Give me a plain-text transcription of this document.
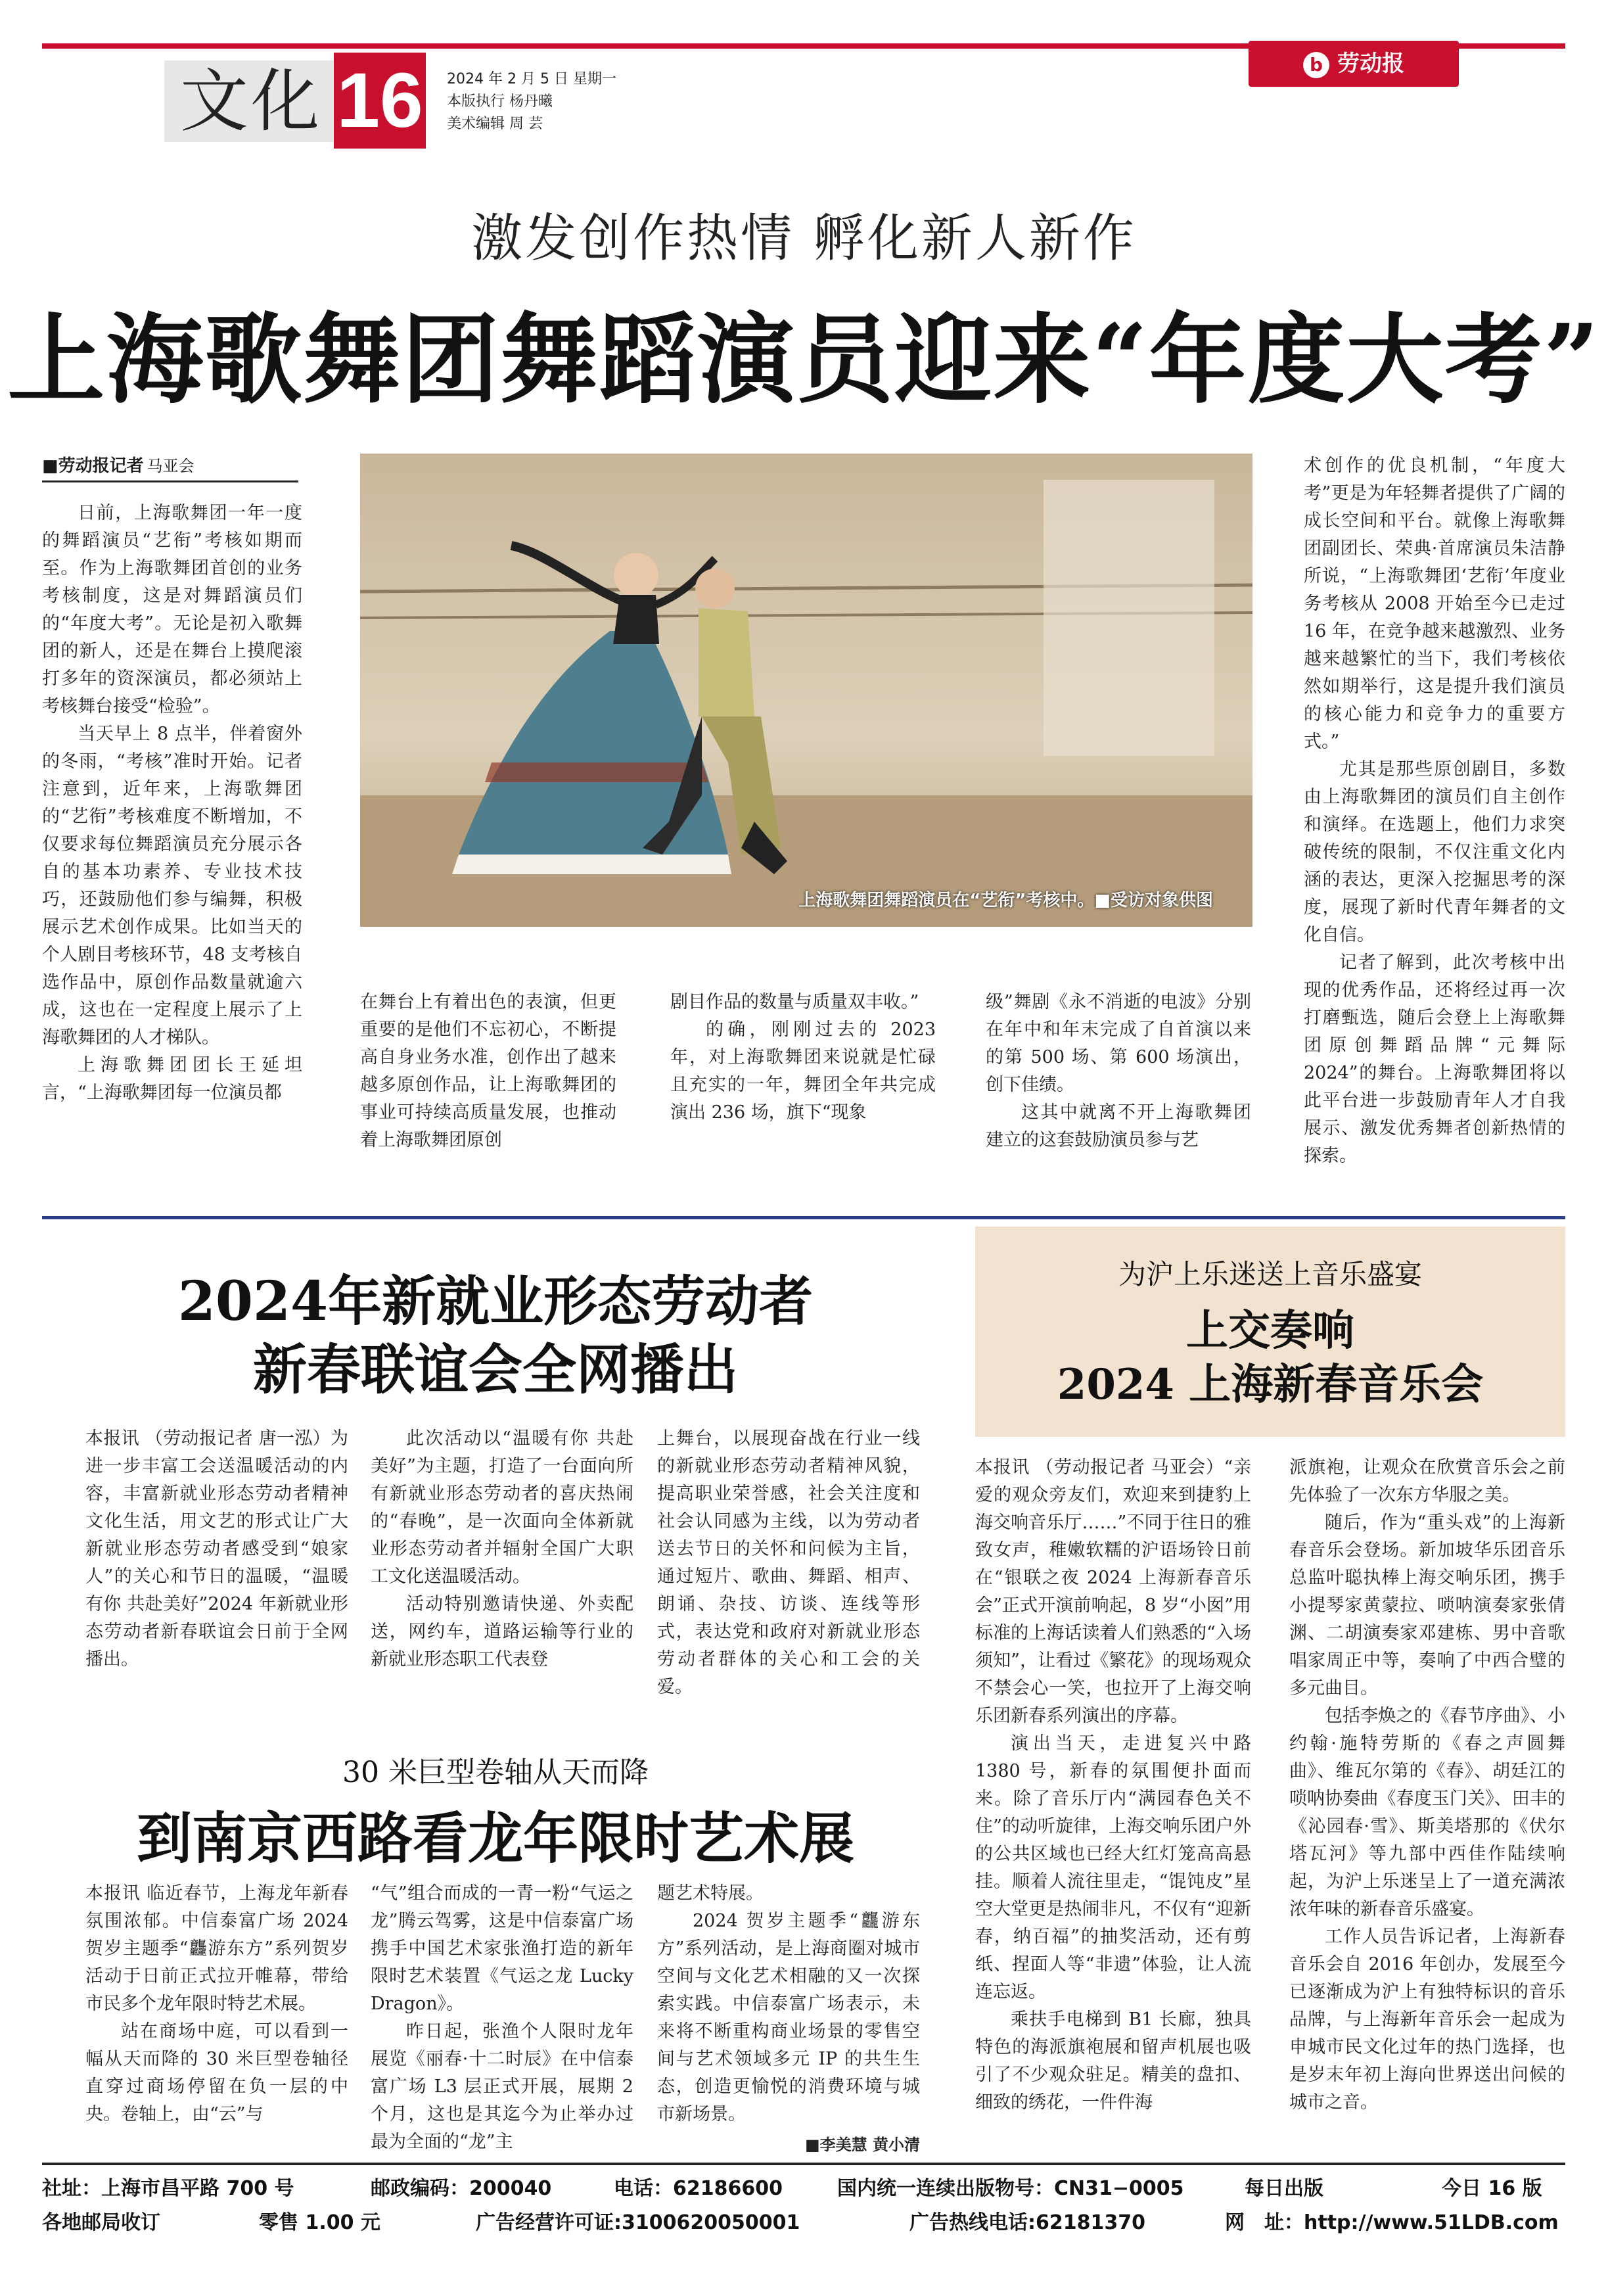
文化 16 2024 年 2 月 5 日 星期一
本版执行 杨丹曦
美术编辑 周 芸
b 劳动报
激发创作热情 孵化新人新作
上海歌舞团舞蹈演员迎来“年度大考”
■劳动报记者 马亚会

日前，上海歌舞团一年一度的舞蹈演员“艺衔”考核如期而至。作为上海歌舞团首创的业务考核制度，这是对舞蹈演员们的“年度大考”。无论是初入歌舞团的新人，还是在舞台上摸爬滚打多年的资深演员，都必须站上考核舞台接受“检验”。

当天早上 8 点半，伴着窗外的冬雨，“考核”准时开始。记者注意到，近年来，上海歌舞团的“艺衔”考核难度不断增加，不仅要求每位舞蹈演员充分展示各自的基本功素养、专业技术技巧，还鼓励他们参与编舞，积极展示艺术创作成果。比如当天的个人剧目考核环节，48 支考核自选作品中，原创作品数量就逾六成，这也在一定程度上展示了上海歌舞团的人才梯队。

上海歌舞团团长王延坦言，“上海歌舞团每一位演员都

上海歌舞团舞蹈演员在“艺衔”考核中。■受访对象供图

在舞台上有着出色的表演，但更重要的是他们不忘初心，不断提高自身业务水准，创作出了越来越多原创作品，让上海歌舞团的事业可持续高质量发展，也推动着上海歌舞团原创

剧目作品的数量与质量双丰收。”

的确，刚刚过去的 2023 年，对上海歌舞团来说就是忙碌且充实的一年，舞团全年共完成演出 236 场，旗下“现象

级”舞剧《永不消逝的电波》分别在年中和年末完成了自首演以来的第 500 场、第 600 场演出，创下佳绩。

这其中就离不开上海歌舞团建立的这套鼓励演员参与艺

术创作的优良机制，“年度大考”更是为年轻舞者提供了广阔的成长空间和平台。就像上海歌舞团副团长、荣典·首席演员朱洁静所说，“上海歌舞团‘艺衔’年度业务考核从 2008 开始至今已走过 16 年，在竞争越来越激烈、业务越来越繁忙的当下，我们考核依然如期举行，这是提升我们演员的核心能力和竞争力的重要方式。”

尤其是那些原创剧目，多数由上海歌舞团的演员们自主创作和演绎。在选题上，他们力求突破传统的限制，不仅注重文化内涵的表达，更深入挖掘思考的深度，展现了新时代青年舞者的文化自信。

记者了解到，此次考核中出现的优秀作品，还将经过再一次打磨甄选，随后会登上上海歌舞团原创舞蹈品牌“元舞际 2024”的舞台。上海歌舞团将以此平台进一步鼓励青年人才自我展示、激发优秀舞者创新热情的探索。

2024年新就业形态劳动者
新春联谊会全网播出

本报讯 （劳动报记者 唐一泓）为进一步丰富工会送温暖活动的内容，丰富新就业形态劳动者精神文化生活，用文艺的形式让广大新就业形态劳动者感受到“娘家人”的关心和节日的温暖，“温暖有你 共赴美好”2024 年新就业形态劳动者新春联谊会日前于全网播出。

此次活动以“温暖有你 共赴美好”为主题，打造了一台面向所有新就业形态劳动者的喜庆热闹的“春晚”，是一次面向全体新就业形态劳动者并辐射全国广大职工文化送温暖活动。

活动特别邀请快递、外卖配送，网约车，道路运输等行业的新就业形态职工代表登

上舞台，以展现奋战在行业一线的新就业形态劳动者精神风貌，提高职业荣誉感，社会关注度和社会认同感为主线，以为劳动者送去节日的关怀和问候为主旨，通过短片、歌曲、舞蹈、相声、朗诵、杂技、访谈、连线等形式，表达党和政府对新就业形态劳动者群体的关心和工会的关爱。

为沪上乐迷送上音乐盛宴
上交奏响
2024 上海新春音乐会

本报讯 （劳动报记者 马亚会）“亲爱的观众旁友们，欢迎来到捷豹上海交响音乐厅……”不同于往日的雅致女声，稚嫩软糯的沪语场铃日前在“银联之夜 2024 上海新春音乐会”正式开演前响起，8 岁“小囡”用标准的上海话读着人们熟悉的“入场须知”，让看过《繁花》的现场观众不禁会心一笑，也拉开了上海交响乐团新春系列演出的序幕。

演出当天，走进复兴中路 1380 号，新春的氛围便扑面而来。除了音乐厅内“满园春色关不住”的动听旋律，上海交响乐团户外的公共区域也已经大红灯笼高高悬挂。顺着人流往里走，“馄饨皮”星空大堂更是热闹非凡，不仅有“迎新春，纳百福”的抽奖活动，还有剪纸、捏面人等“非遗”体验，让人流连忘返。

乘扶手电梯到 B1 长廊，独具特色的海派旗袍展和留声机展也吸引了不少观众驻足。精美的盘扣、细致的绣花，一件件海

派旗袍，让观众在欣赏音乐会之前先体验了一次东方华服之美。

随后，作为“重头戏”的上海新春音乐会登场。新加坡华乐团音乐总监叶聪执棒上海交响乐团，携手小提琴家黄蒙拉、唢呐演奏家张倩渊、二胡演奏家邓建栋、男中音歌唱家周正中等，奏响了中西合璧的多元曲目。

包括李焕之的《春节序曲》、小约翰·施特劳斯的《春之声圆舞曲》、维瓦尔第的《春》、胡廷江的唢呐协奏曲《春度玉门关》、田丰的《沁园春·雪》、斯美塔那的《伏尔塔瓦河》等九部中西佳作陆续响起，为沪上乐迷呈上了一道充满浓浓年味的新春音乐盛宴。

工作人员告诉记者，上海新春音乐会自 2016 年创办，发展至今已逐渐成为沪上有独特标识的音乐品牌，与上海新年音乐会一起成为申城市民文化过年的热门选择，也是岁末年初上海向世界送出问候的城市之音。

30 米巨型卷轴从天而降
到南京西路看龙年限时艺术展

本报讯 临近春节，上海龙年新春氛围浓郁。中信泰富广场 2024 贺岁主题季“龘游东方”系列贺岁活动于日前正式拉开帷幕，带给市民多个龙年限时特艺术展。

站在商场中庭，可以看到一幅从天而降的 30 米巨型卷轴径直穿过商场停留在负一层的中央。卷轴上，由“云”与

“气”组合而成的一青一粉“气运之龙”腾云驾雾，这是中信泰富广场携手中国艺术家张渔打造的新年限时艺术装置《气运之龙 Lucky Dragon》。

昨日起，张渔个人限时龙年展览《丽春·十二时辰》在中信泰富广场 L3 层正式开展，展期 2 个月，这也是其迄今为止举办过最为全面的“龙”主

题艺术特展。

2024 贺岁主题季“龘游东方”系列活动，是上海商圈对城市空间与文化艺术相融的又一次探索实践。中信泰富广场表示，未来将不断重构商业场景的零售空间与艺术领域多元 IP 的共生生态，创造更愉悦的消费环境与城市新场景。

■李美慧 黄小清
社址：上海市昌平路 700 号	邮政编码：200040	电话：62186600	国内统一连续出版物号：CN31−0005	每日出版	今日 16 版
各地邮局收订	零售 1.00 元	广告经营许可证:3100620050001	广告热线电话:62181370	网　址：http://www.51LDB.com
